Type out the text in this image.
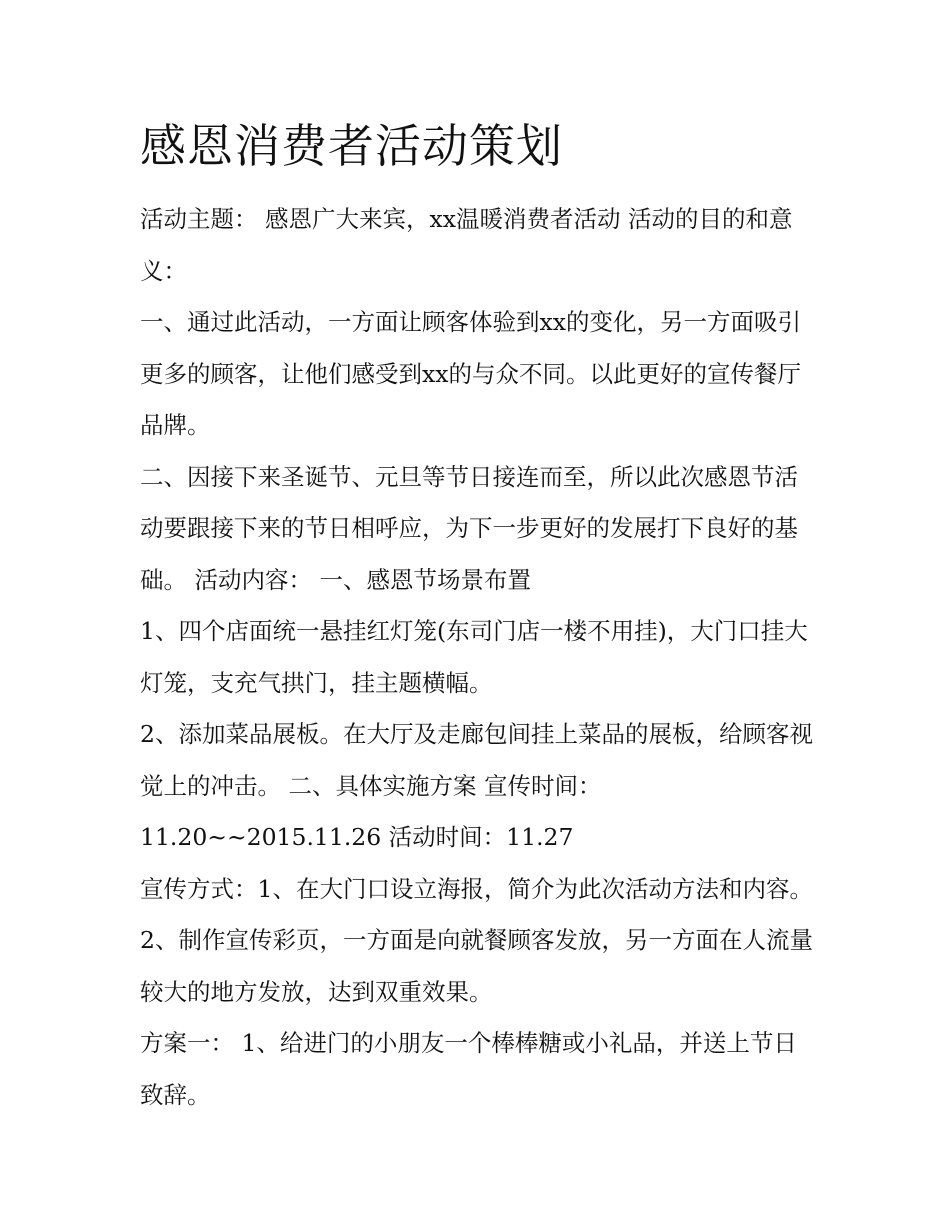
感恩消费者活动策划

活动主题： 感恩广大来宾，xx温暖消费者活动 活动的目的和意义：

一、通过此活动，一方面让顾客体验到xx的变化，另一方面吸引更多的顾客，让他们感受到xx的与众不同。以此更好的宣传餐厅品牌。

二、因接下来圣诞节、元旦等节日接连而至，所以此次感恩节活动要跟接下来的节日相呼应，为下一步更好的发展打下良好的基础。 活动内容： 一、感恩节场景布置

1、四个店面统一悬挂红灯笼(东司门店一楼不用挂)，大门口挂大灯笼，支充气拱门，挂主题横幅。

2、添加菜品展板。在大厅及走廊包间挂上菜品的展板，给顾客视觉上的冲击。 二、具体实施方案 宣传时间：

11.20~~2015.11.26 活动时间：11.27

宣传方式：1、在大门口设立海报，简介为此次活动方法和内容。 2、制作宣传彩页，一方面是向就餐顾客发放，另一方面在人流量较大的地方发放，达到双重效果。

方案一： 1、给进门的小朋友一个棒棒糖或小礼品，并送上节日致辞。
